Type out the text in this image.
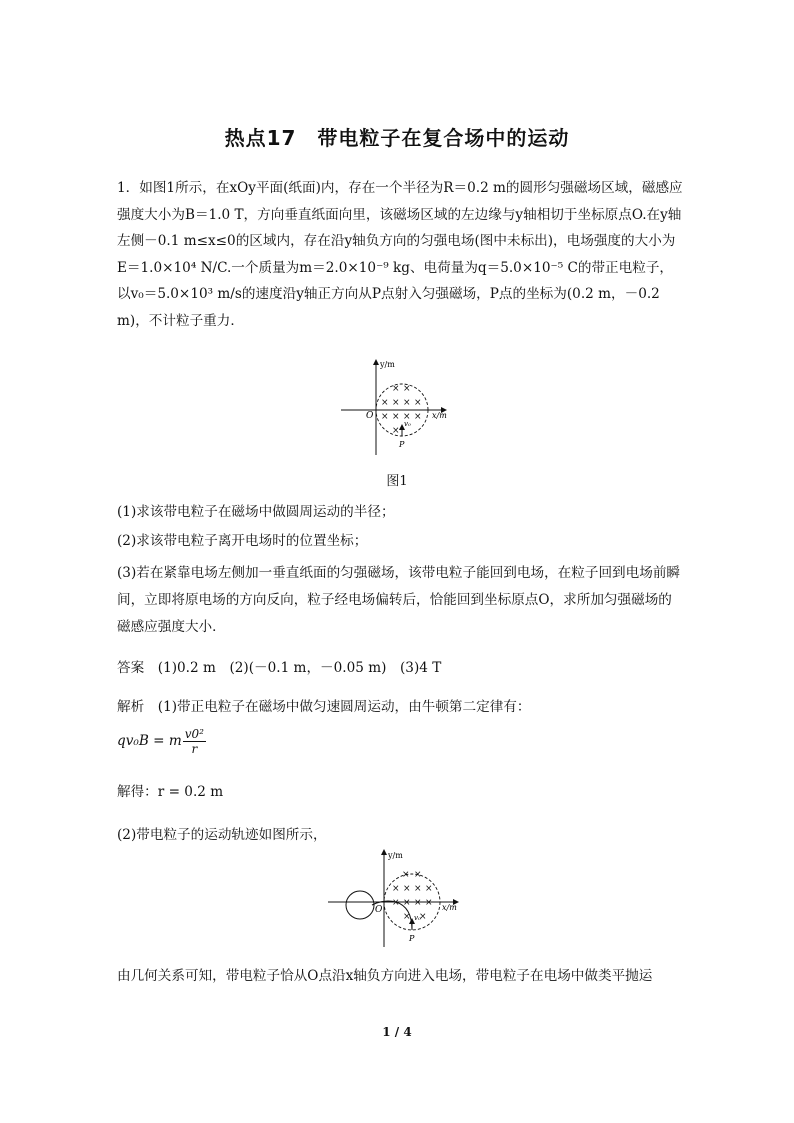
热点17　带电粒子在复合场中的运动
1．如图1所示，在xOy平面(纸面)内，存在一个半径为R＝0.2 m的圆形匀强磁场区域，磁感应强度大小为B＝1.0 T，方向垂直纸面向里，该磁场区域的左边缘与y轴相切于坐标原点O.在y轴左侧－0.1 m≤x≤0的区域内，存在沿y轴负方向的匀强电场(图中未标出)，电场强度的大小为E＝1.0×10⁴ N/C.一个质量为m＝2.0×10⁻⁹ kg、电荷量为q＝5.0×10⁻⁵ C的带正电粒子，以v₀＝5.0×10³ m/s的速度沿y轴正方向从P点射入匀强磁场，P点的坐标为(0.2 m，－0.2 m)，不计粒子重力．
y/m
x/m
O
× ×
× × × ×
× × × ×
×
v₀
P
图1
(1)求该带电粒子在磁场中做圆周运动的半径；
(2)求该带电粒子离开电场时的位置坐标；
(3)若在紧靠电场左侧加一垂直纸面的匀强磁场，该带电粒子能回到电场，在粒子回到电场前瞬间，立即将原电场的方向反向，粒子经电场偏转后，恰能回到坐标原点O，求所加匀强磁场的磁感应强度大小．
答案　(1)0.2 m　(2)(－0.1 m，－0.05 m)　(3)4 T
解析　(1)带正电粒子在磁场中做匀速圆周运动，由牛顿第二定律有：
qv₀B = m $\frac{\text{v0²}}{r}$
解得：r = 0.2 m
(2)带电粒子的运动轨迹如图所示，
y/m
x/m
O
× ×
× × × ×
× × × ×
× ×
v₀
P
由几何关系可知，带电粒子恰从O点沿x轴负方向进入电场，带电粒子在电场中做类平抛运
1 / 4
